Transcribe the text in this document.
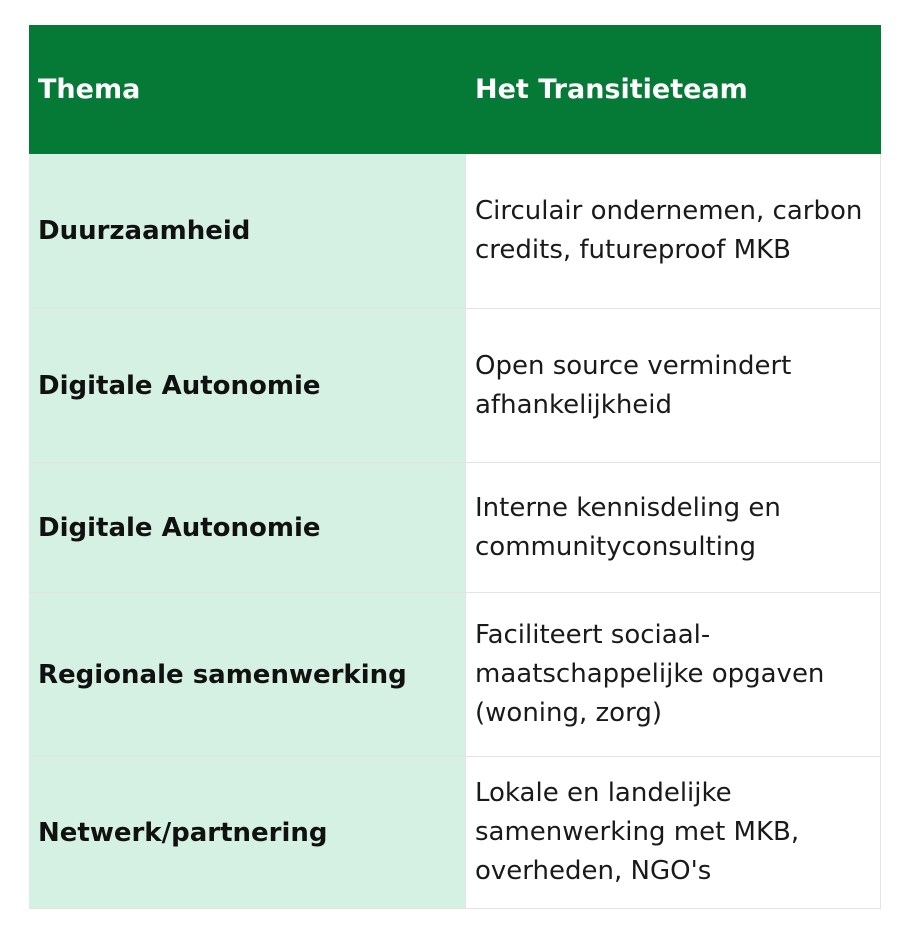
Thema	Het Transitieteam
Duurzaamheid
Circulair ondernemen, carbon credits, futureproof MKB
Digitale Autonomie
Open source vermindert afhankelijkheid
Digitale Autonomie
Interne kennisdeling en communityconsulting
Regionale samenwerking
Faciliteert sociaal-maatschappelijke opgaven (woning, zorg)
Netwerk/partnering
Lokale en landelijke samenwerking met MKB, overheden, NGO's
